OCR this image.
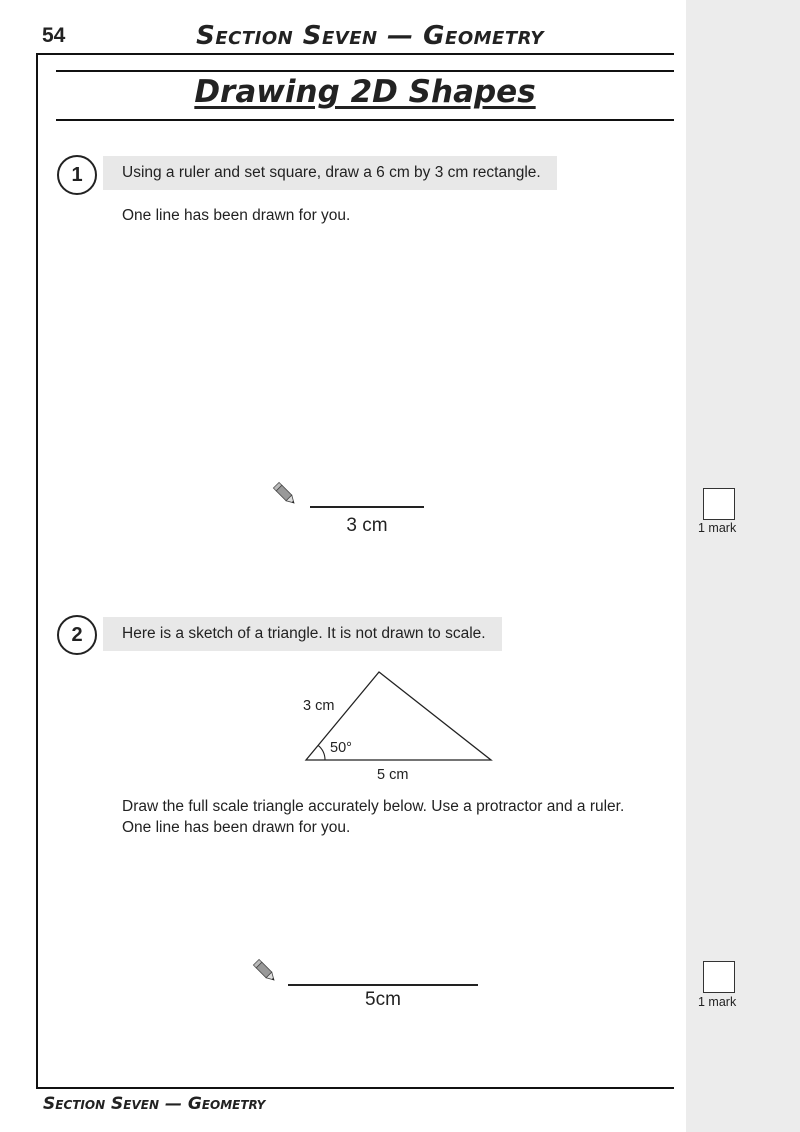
54	Section Seven — Geometry
Drawing 2D Shapes
1	Using a ruler and set square, draw a 6 cm by 3 cm rectangle.
One line has been drawn for you.
3 cm	1 mark
2	Here is a sketch of a triangle. It is not drawn to scale.
3 cm
50°
5 cm
Draw the full scale triangle accurately below. Use a protractor and a ruler.
One line has been drawn for you.
5cm	1 mark
Section Seven — Geometry
